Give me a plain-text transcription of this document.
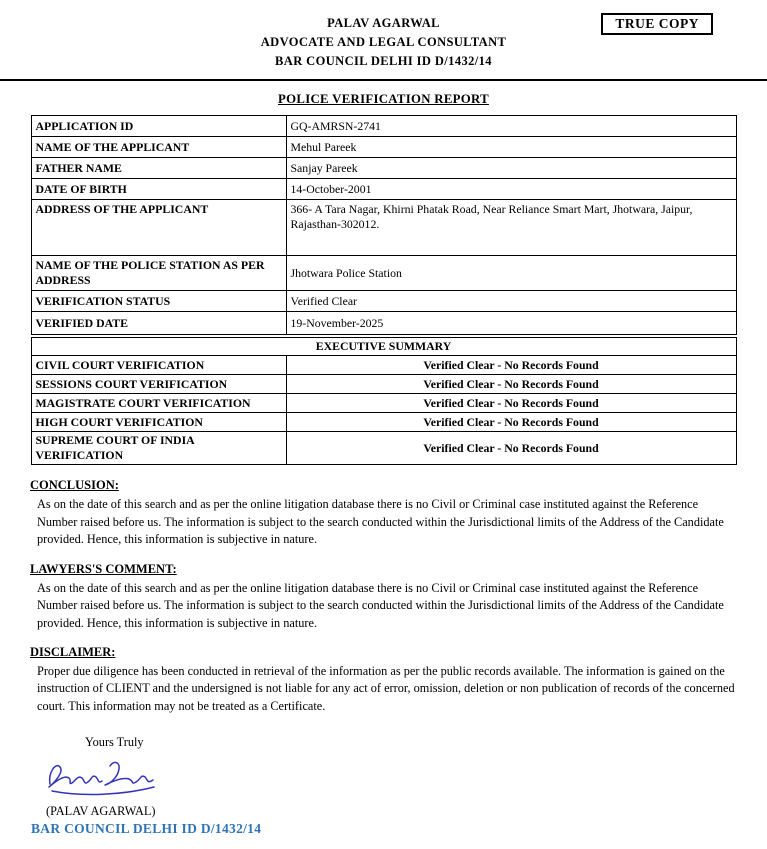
TRUE COPY
PALAV AGARWAL
ADVOCATE AND LEGAL CONSULTANT
BAR COUNCIL DELHI ID D/1432/14
POLICE VERIFICATION REPORT
APPLICATION ID	GQ-AMRSN-2741
NAME OF THE APPLICANT	Mehul Pareek
FATHER NAME	Sanjay Pareek
DATE OF BIRTH	14-October-2001
ADDRESS OF THE APPLICANT	366- A Tara Nagar, Khirni Phatak Road, Near Reliance Smart Mart, Jhotwara, Jaipur, Rajasthan-302012.
NAME OF THE POLICE STATION AS PER ADDRESS	Jhotwara Police Station
VERIFICATION STATUS	Verified Clear
VERIFIED DATE	19-November-2025
EXECUTIVE SUMMARY	
CIVIL COURT VERIFICATION	Verified Clear - No Records Found
SESSIONS COURT VERIFICATION	Verified Clear - No Records Found
MAGISTRATE COURT VERIFICATION	Verified Clear - No Records Found
HIGH COURT VERIFICATION	Verified Clear - No Records Found
SUPREME COURT OF INDIA VERIFICATION	Verified Clear - No Records Found
CONCLUSION:

As on the date of this search and as per the online litigation database there is no Civil or Criminal case instituted against the Reference Number raised before us. The information is subject to the search conducted within the Jurisdictional limits of the Address of the Candidate provided. Hence, this information is subjective in nature.

LAWYERS'S COMMENT:

As on the date of this search and as per the online litigation database there is no Civil or Criminal case instituted against the Reference Number raised before us. The information is subject to the search conducted within the Jurisdictional limits of the Address of the Candidate provided. Hence, this information is subjective in nature.

DISCLAIMER:

Proper due diligence has been conducted in retrieval of the information as per the public records available. The information is gained on the instruction of CLIENT and the undersigned is not liable for any act of error, omission, deletion or non publication of records of the concerned court. This information may not be treated as a Certificate.

Yours Truly
(PALAV AGARWAL)
BAR COUNCIL DELHI ID D/1432/14
